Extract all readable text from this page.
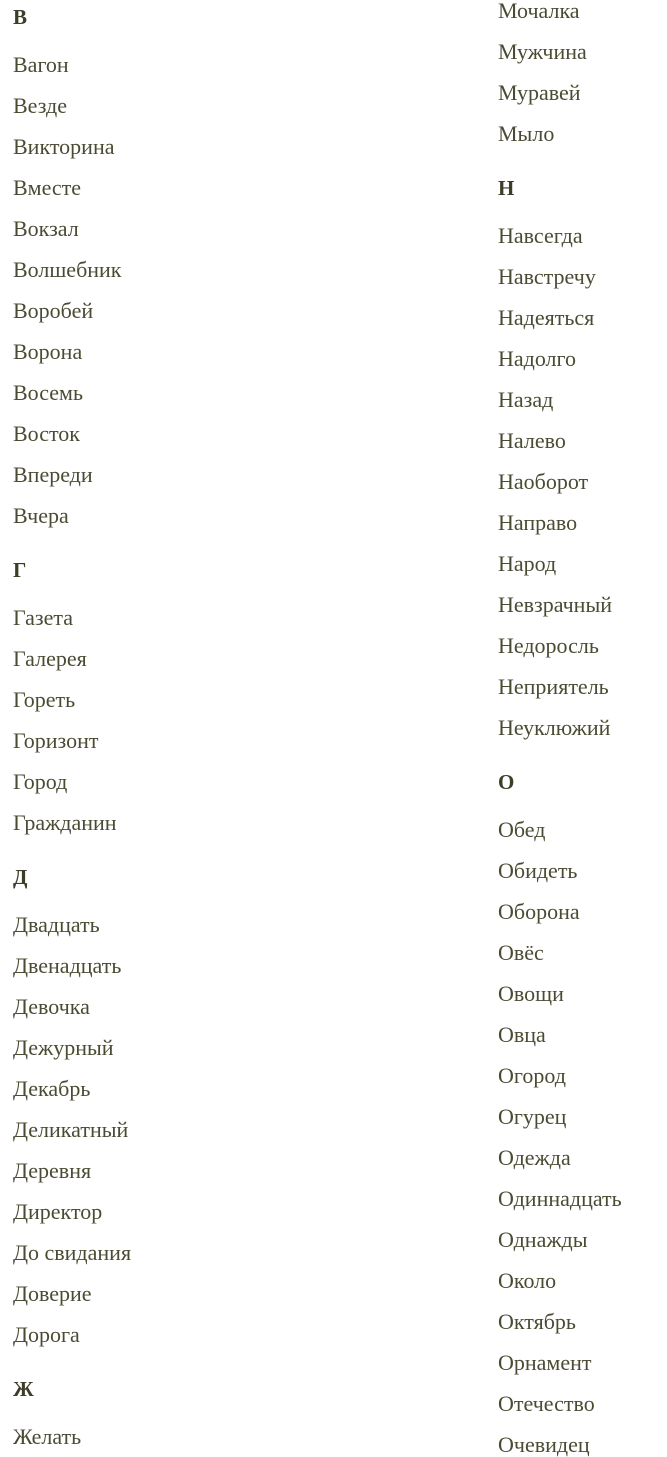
В
Вагон
Везде
Викторина
Вместе
Вокзал
Волшебник
Воробей
Ворона
Восемь
Восток
Впереди
Вчера
Г
Газета
Галерея
Гореть
Горизонт
Город
Гражданин
Д
Двадцать
Двенадцать
Девочка
Дежурный
Декабрь
Деликатный
Деревня
Директор
До свидания
Доверие
Дорога
Ж
Желать
Мочалка
Мужчина
Муравей
Мыло
Н
Навсегда
Навстречу
Надеяться
Надолго
Назад
Налево
Наоборот
Направо
Народ
Невзрачный
Недоросль
Неприятель
Неуклюжий
О
Обед
Обидеть
Оборона
Овёс
Овощи
Овца
Огород
Огурец
Одежда
Одиннадцать
Однажды
Около
Октябрь
Орнамент
Отечество
Очевидец
